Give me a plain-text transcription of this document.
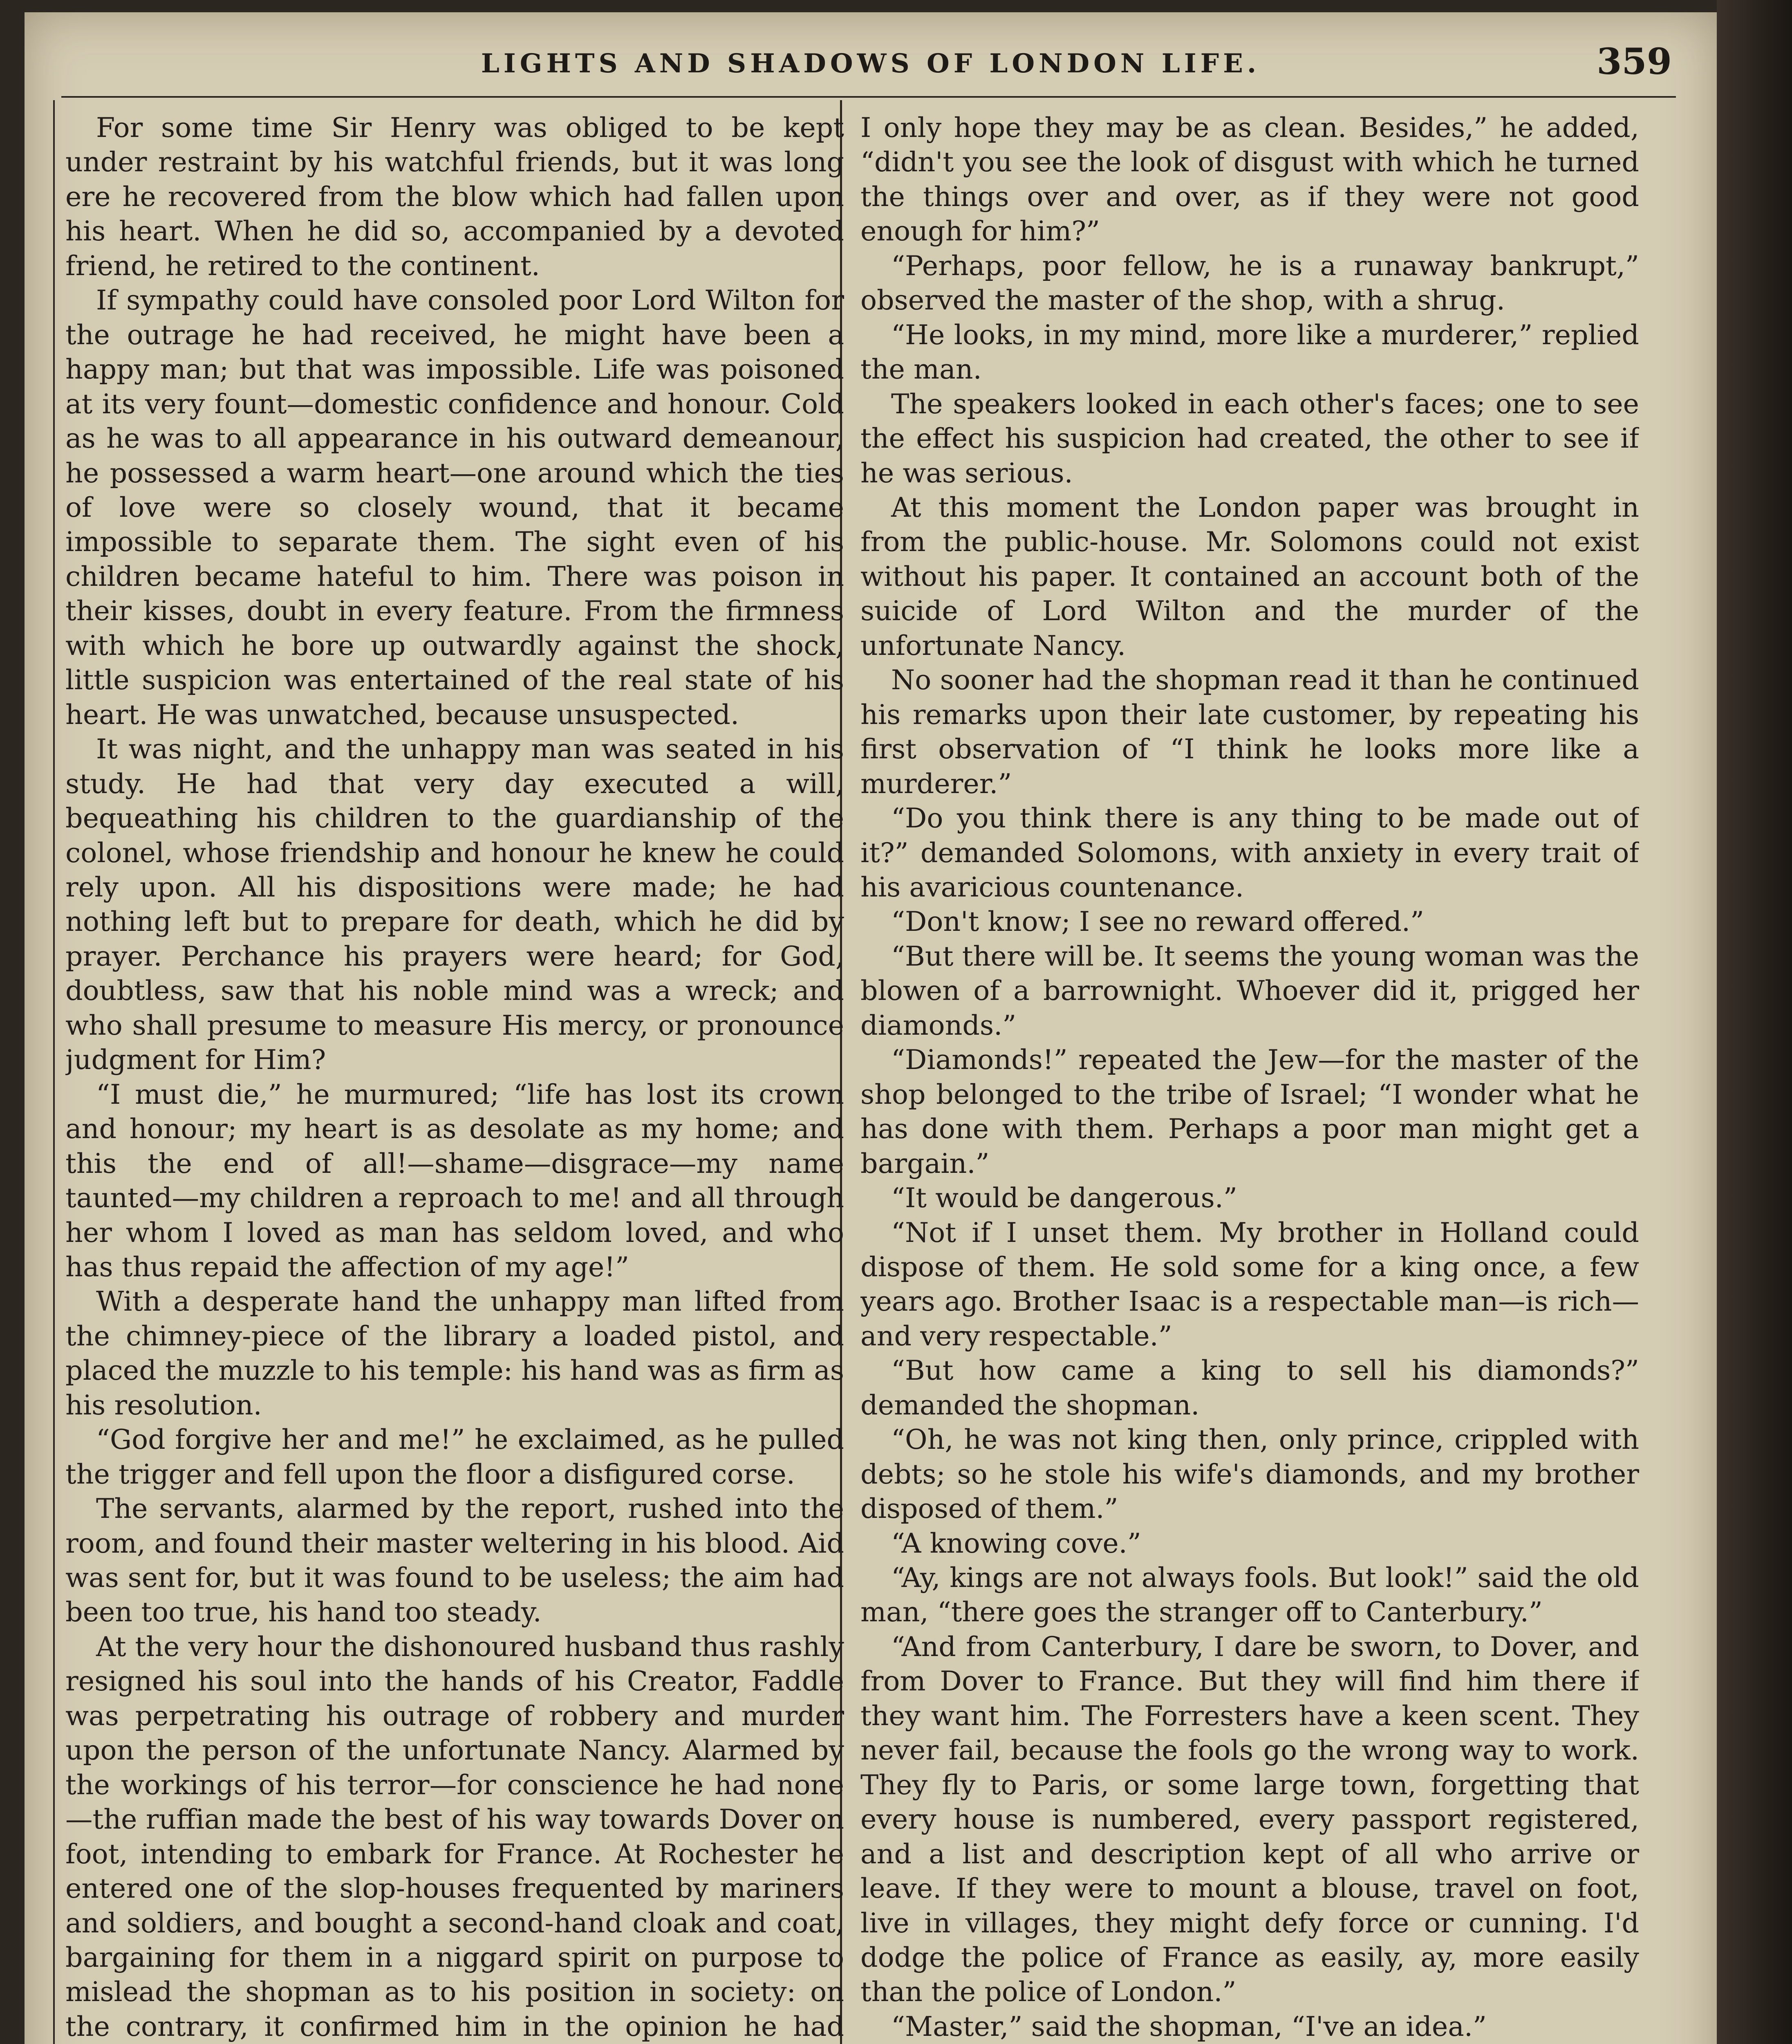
LIGHTS AND SHADOWS OF LONDON LIFE.	359

For some time Sir Henry was obliged to be kept under restraint by his watchful friends, but it was long ere he recovered from the blow which had fallen upon his heart. When he did so, accompanied by a devoted friend, he retired to the continent.

If sympathy could have consoled poor Lord Wilton for the outrage he had received, he might have been a happy man; but that was impossible. Life was poisoned at its very fount—domestic confidence and honour. Cold as he was to all appearance in his outward demeanour, he possessed a warm heart—one around which the ties of love were so closely wound, that it became impossible to separate them. The sight even of his children became hateful to him. There was poison in their kisses, doubt in every feature. From the firmness with which he bore up outwardly against the shock, little suspicion was entertained of the real state of his heart. He was unwatched, because unsuspected.

It was night, and the unhappy man was seated in his study. He had that very day executed a will, bequeathing his children to the guardianship of the colonel, whose friendship and honour he knew he could rely upon. All his dispositions were made; he had nothing left but to prepare for death, which he did by prayer. Perchance his prayers were heard; for God, doubtless, saw that his noble mind was a wreck; and who shall presume to measure His mercy, or pronounce judgment for Him?

“I must die,” he murmured; “life has lost its crown and honour; my heart is as desolate as my home; and this the end of all!—shame—disgrace—my name taunted—my children a reproach to me! and all through her whom I loved as man has seldom loved, and who has thus repaid the affection of my age!”

With a desperate hand the unhappy man lifted from the chimney-piece of the library a loaded pistol, and placed the muzzle to his temple: his hand was as firm as his resolution.

“God forgive her and me!” he exclaimed, as he pulled the trigger and fell upon the floor a disfigured corse.

The servants, alarmed by the report, rushed into the room, and found their master weltering in his blood. Aid was sent for, but it was found to be useless; the aim had been too true, his hand too steady.

At the very hour the dishonoured husband thus rashly resigned his soul into the hands of his Creator, Faddle was perpetrating his outrage of robbery and murder upon the person of the unfortunate Nancy. Alarmed by the workings of his terror—for conscience he had none—the ruffian made the best of his way towards Dover on foot, intending to embark for France. At Rochester he entered one of the slop-houses frequented by mariners and soldiers, and bought a second-hand cloak and coat, bargaining for them in a niggard spirit on purpose to mislead the shopman as to his position in society: on the contrary, it confirmed him in the opinion he had

I only hope they may be as clean. Besides,” he added, “didn't you see the look of disgust with which he turned the things over and over, as if they were not good enough for him?”

“Perhaps, poor fellow, he is a runaway bankrupt,” observed the master of the shop, with a shrug.

“He looks, in my mind, more like a murderer,” replied the man.

The speakers looked in each other's faces; one to see the effect his suspicion had created, the other to see if he was serious.

At this moment the London paper was brought in from the public-house. Mr. Solomons could not exist without his paper. It contained an account both of the suicide of Lord Wilton and the murder of the unfortunate Nancy.

No sooner had the shopman read it than he continued his remarks upon their late customer, by repeating his first observation of “I think he looks more like a murderer.”

“Do you think there is any thing to be made out of it?” demanded Solomons, with anxiety in every trait of his avaricious countenance.

“Don't know; I see no reward offered.”

“But there will be. It seems the young woman was the blowen of a barrownight. Whoever did it, prigged her diamonds.”

“Diamonds!” repeated the Jew—for the master of the shop belonged to the tribe of Israel; “I wonder what he has done with them. Perhaps a poor man might get a bargain.”

“It would be dangerous.”

“Not if I unset them. My brother in Holland could dispose of them. He sold some for a king once, a few years ago. Brother Isaac is a respectable man—is rich—and very respectable.”

“But how came a king to sell his diamonds?” demanded the shopman.

“Oh, he was not king then, only prince, crippled with debts; so he stole his wife's diamonds, and my brother disposed of them.”

“A knowing cove.”

“Ay, kings are not always fools. But look!” said the old man, “there goes the stranger off to Canterbury.”

“And from Canterbury, I dare be sworn, to Dover, and from Dover to France. But they will find him there if they want him. The Forresters have a keen scent. They never fail, because the fools go the wrong way to work. They fly to Paris, or some large town, forgetting that every house is numbered, every passport registered, and a list and description kept of all who arrive or leave. If they were to mount a blouse, travel on foot, live in villages, they might defy force or cunning. I'd dodge the police of France as easily, ay, more easily than the police of London.”

“Master,” said the shopman, “I've an idea.”
